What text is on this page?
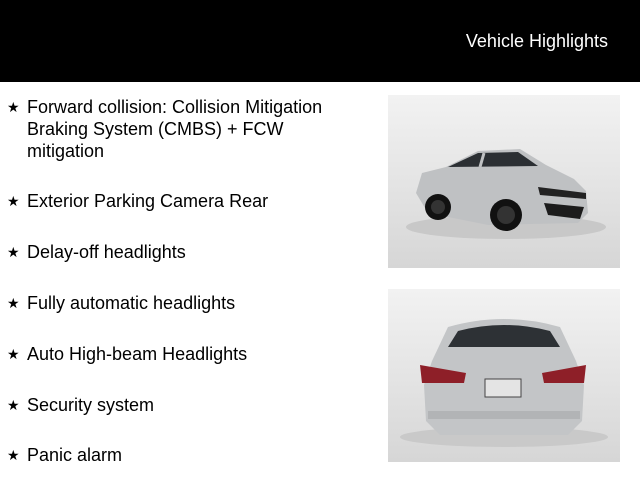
Vehicle Highlights
★ Forward collision: Collision Mitigation Braking System (CMBS) + FCW mitigation
★ Exterior Parking Camera Rear
★ Delay-off headlights
★ Fully automatic headlights
★ Auto High-beam Headlights
★ Security system
★ Panic alarm
